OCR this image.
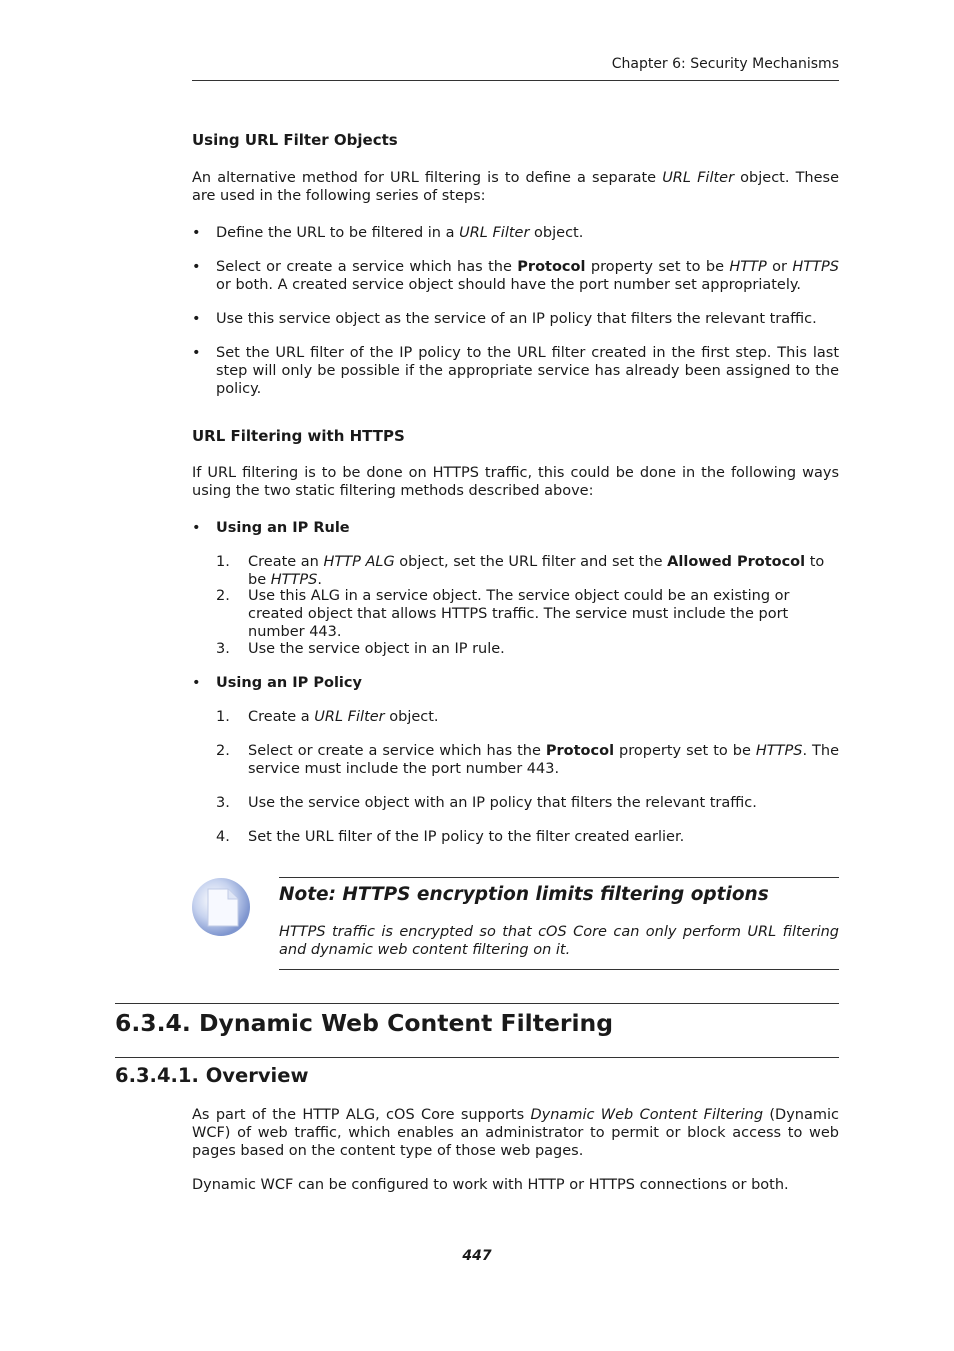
Chapter 6: Security Mechanisms
Using URL Filter Objects
An alternative method for URL filtering is to define a separate URL Filter object. These are used in the following series of steps:
• Define the URL to be filtered in a URL Filter object.
• Select or create a service which has the Protocol property set to be HTTP or HTTPS or both. A created service object should have the port number set appropriately.
• Use this service object as the service of an IP policy that filters the relevant traffic.
• Set the URL filter of the IP policy to the URL filter created in the first step. This last step will only be possible if the appropriate service has already been assigned to the policy.
URL Filtering with HTTPS
If URL filtering is to be done on HTTPS traffic, this could be done in the following ways using the two static filtering methods described above:
• Using an IP Rule
1. Create an HTTP ALG object, set the URL filter and set the Allowed Protocol to be HTTPS.
2. Use this ALG in a service object. The service object could be an existing or created object that allows HTTPS traffic. The service must include the port number 443.
3. Use the service object in an IP rule.
• Using an IP Policy
1. Create a URL Filter object.
2. Select or create a service which has the Protocol property set to be HTTPS. The service must include the port number 443.
3. Use the service object with an IP policy that filters the relevant traffic.
4. Set the URL filter of the IP policy to the filter created earlier.
Note: HTTPS encryption limits filtering options
HTTPS traffic is encrypted so that cOS Core can only perform URL filtering and dynamic web content filtering on it.
6.3.4. Dynamic Web Content Filtering
6.3.4.1. Overview
As part of the HTTP ALG, cOS Core supports Dynamic Web Content Filtering (Dynamic WCF) of web traffic, which enables an administrator to permit or block access to web pages based on the content type of those web pages.
Dynamic WCF can be configured to work with HTTP or HTTPS connections or both.
447
